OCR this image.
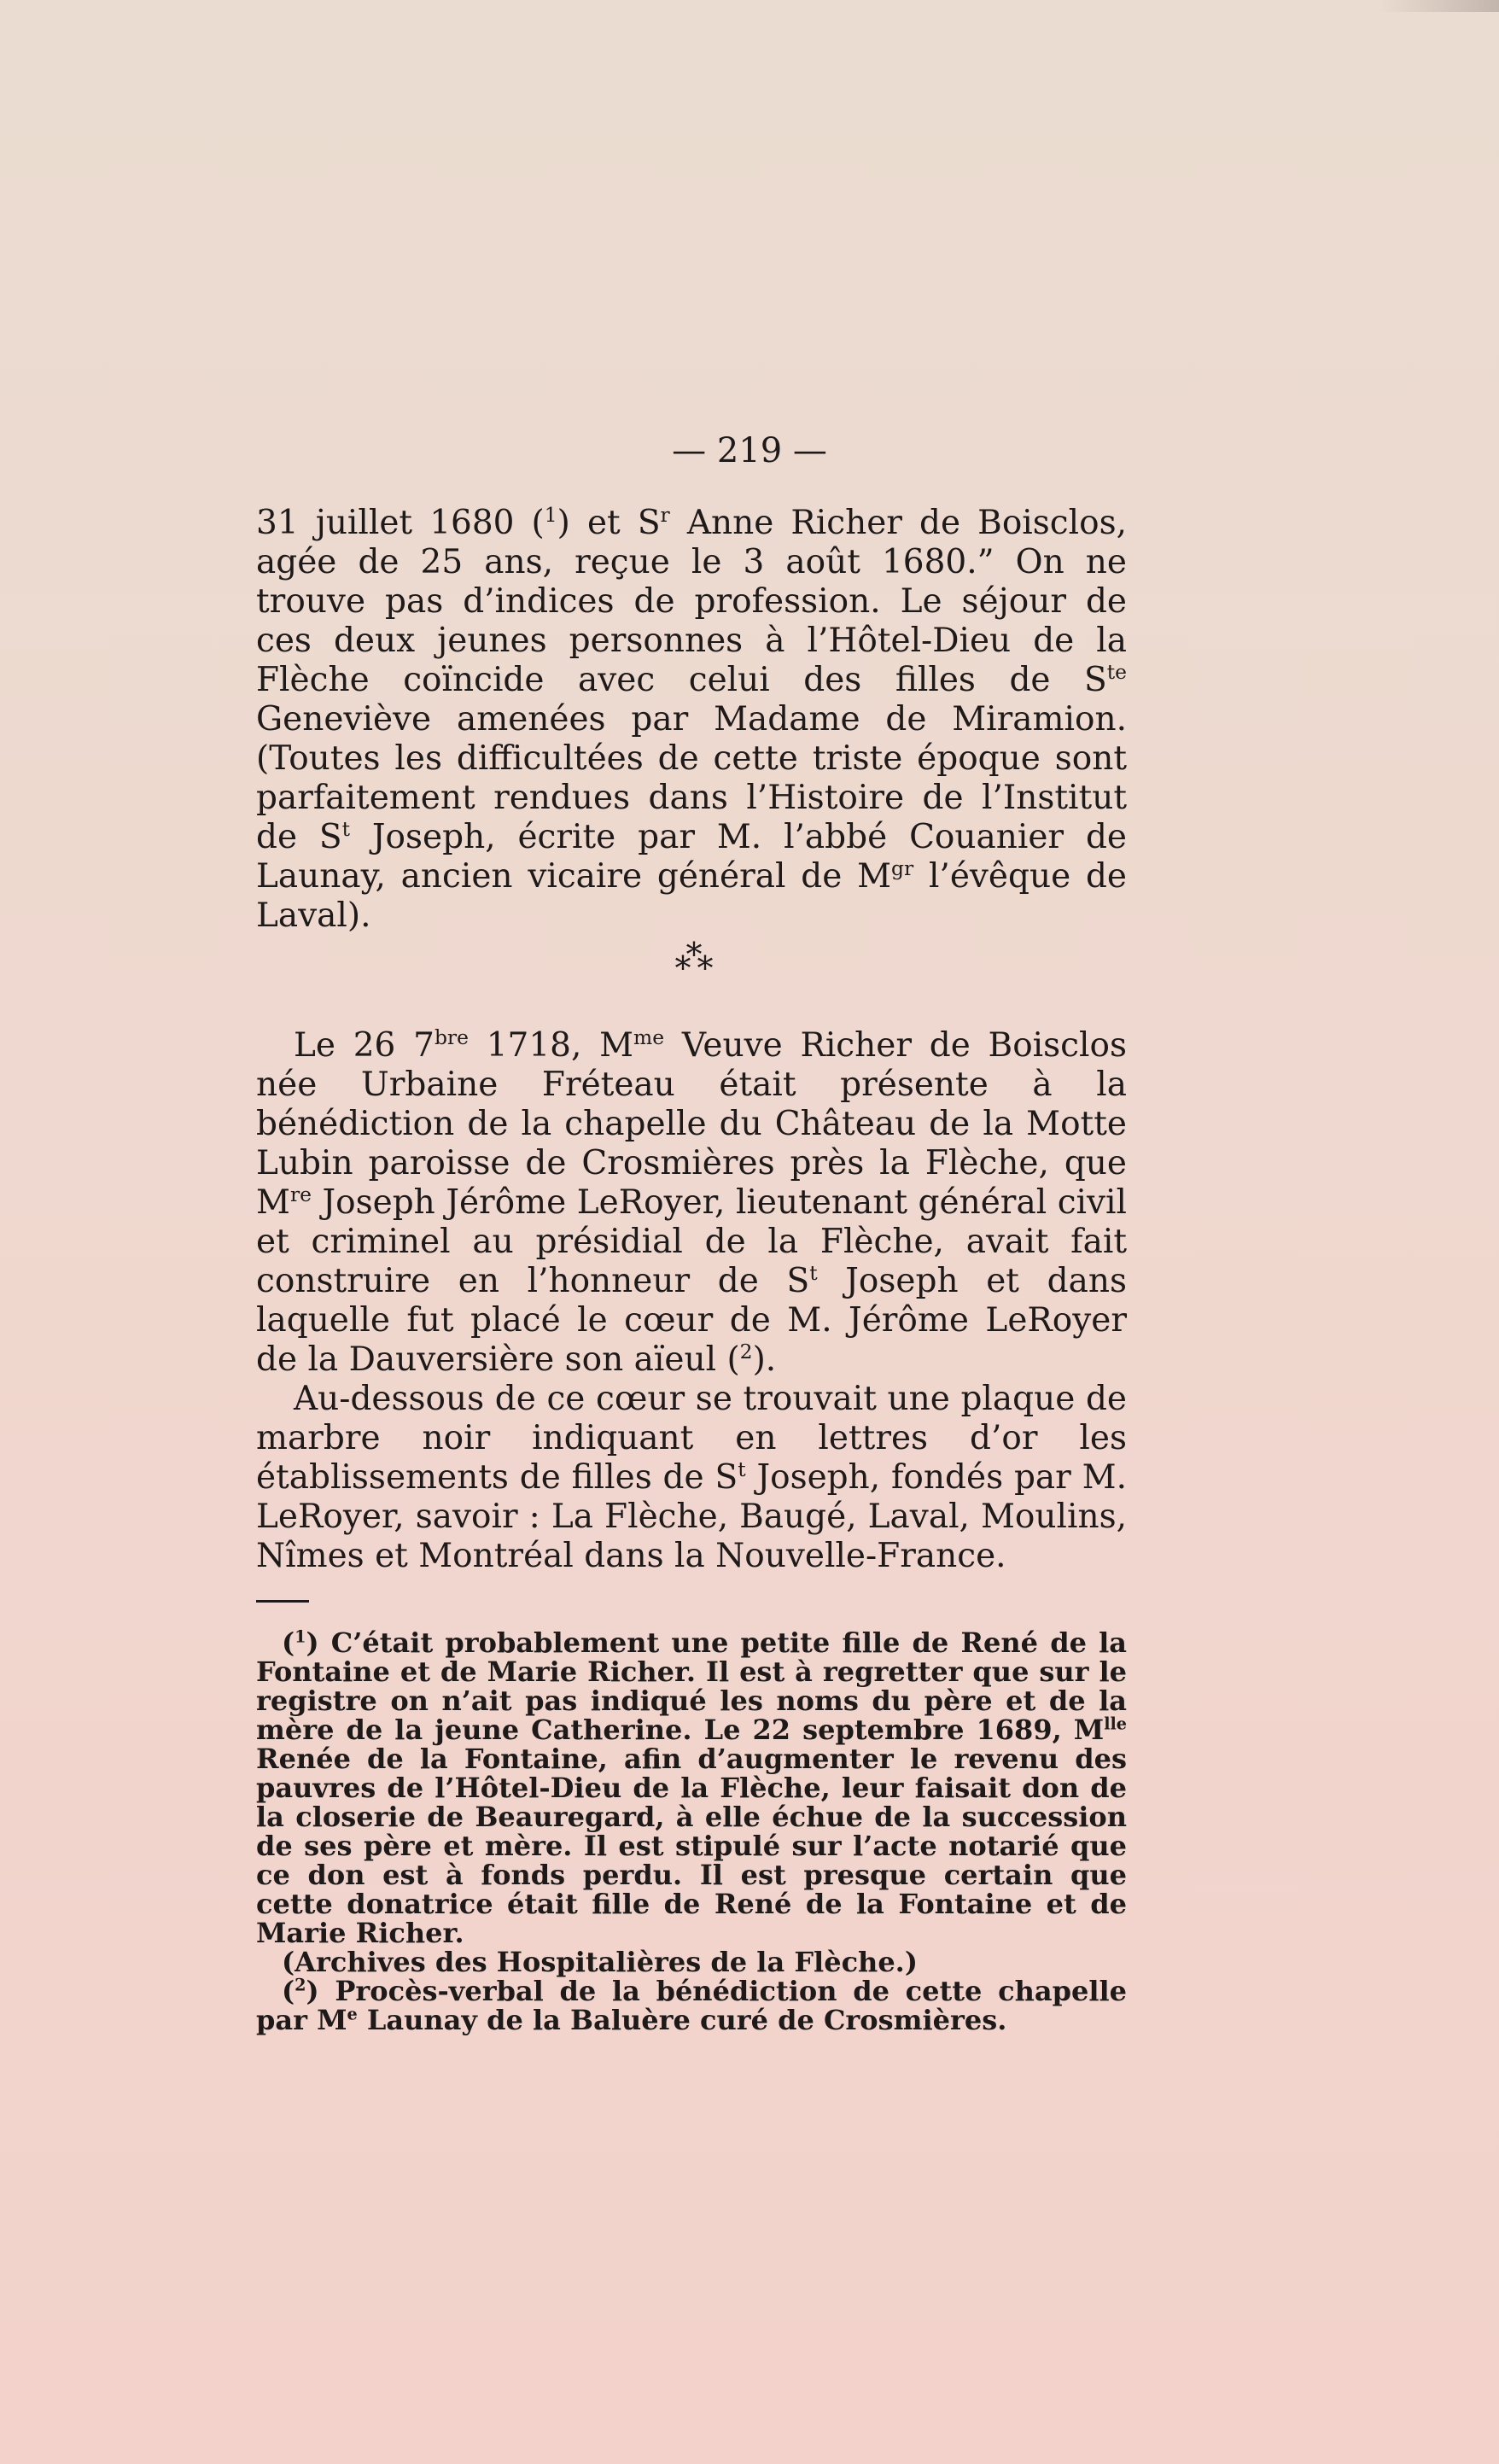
— 219 —

31 juillet 1680 ($^1$) et $S^r$ Anne Richer de Boisclos, agée de 25 ans, reçue le 3 août 1680.” On ne trouve pas d’indices de profession. Le séjour de ces deux jeunes personnes à l’Hôtel-Dieu de la Flèche coïncide avec celui des filles de $S^{te}$ Geneviève amenées par Madame de Miramion. (Toutes les difficultées de cette triste époque sont parfaitement rendues dans l’Histoire de l’Institut de $S^t$ Joseph, écrite par M. l’abbé Couanier de Launay, ancien vicaire général de $M^{gr}$ l’évêque de Laval).

***

Le 26 $7^{bre}$ 1718, $M^{me}$ Veuve Richer de Boisclos née Urbaine Fréteau était présente à la bénédiction de la chapelle du Château de la Motte Lubin paroisse de Crosmières près la Flèche, que Mre Joseph Jérôme LeRoyer, lieutenant général civil et criminel au présidial de la Flèche, avait fait construire en l’honneur de $S^t$ Joseph et dans laquelle fut placé le cœur de M. Jérôme LeRoyer de la Dauversière son aïeul ($^2$).

Au-dessous de ce cœur se trouvait une plaque de marbre noir indiquant en lettres d’or les établissements de filles de $S^t$ Joseph, fondés par M. LeRoyer, savoir : La Flèche, Baugé, Laval, Moulins, Nîmes et Montréal dans la Nouvelle-France.

($^1$) C’était probablement une petite fille de René de la Fontaine et de Marie Richer. Il est à regretter que sur le registre on n’ait pas indiqué les noms du père et de la mère de la jeune Catherine. Le 22 septembre 1689, $M^{lle}$ Renée de la Fontaine, afin d’augmenter le revenu des pauvres de l’Hôtel-Dieu de la Flèche, leur faisait don de la closerie de Beauregard, à elle échue de la succession de ses père et mère. Il est stipulé sur l’acte notarié que ce don est à fonds perdu. Il est presque certain que cette donatrice était fille de René de la Fontaine et de Marie Richer.

(Archives des Hospitalières de la Flèche.)

($^2$) Procès-verbal de la bénédiction de cette chapelle par Me Launay de la Baluère curé de Crosmières.
